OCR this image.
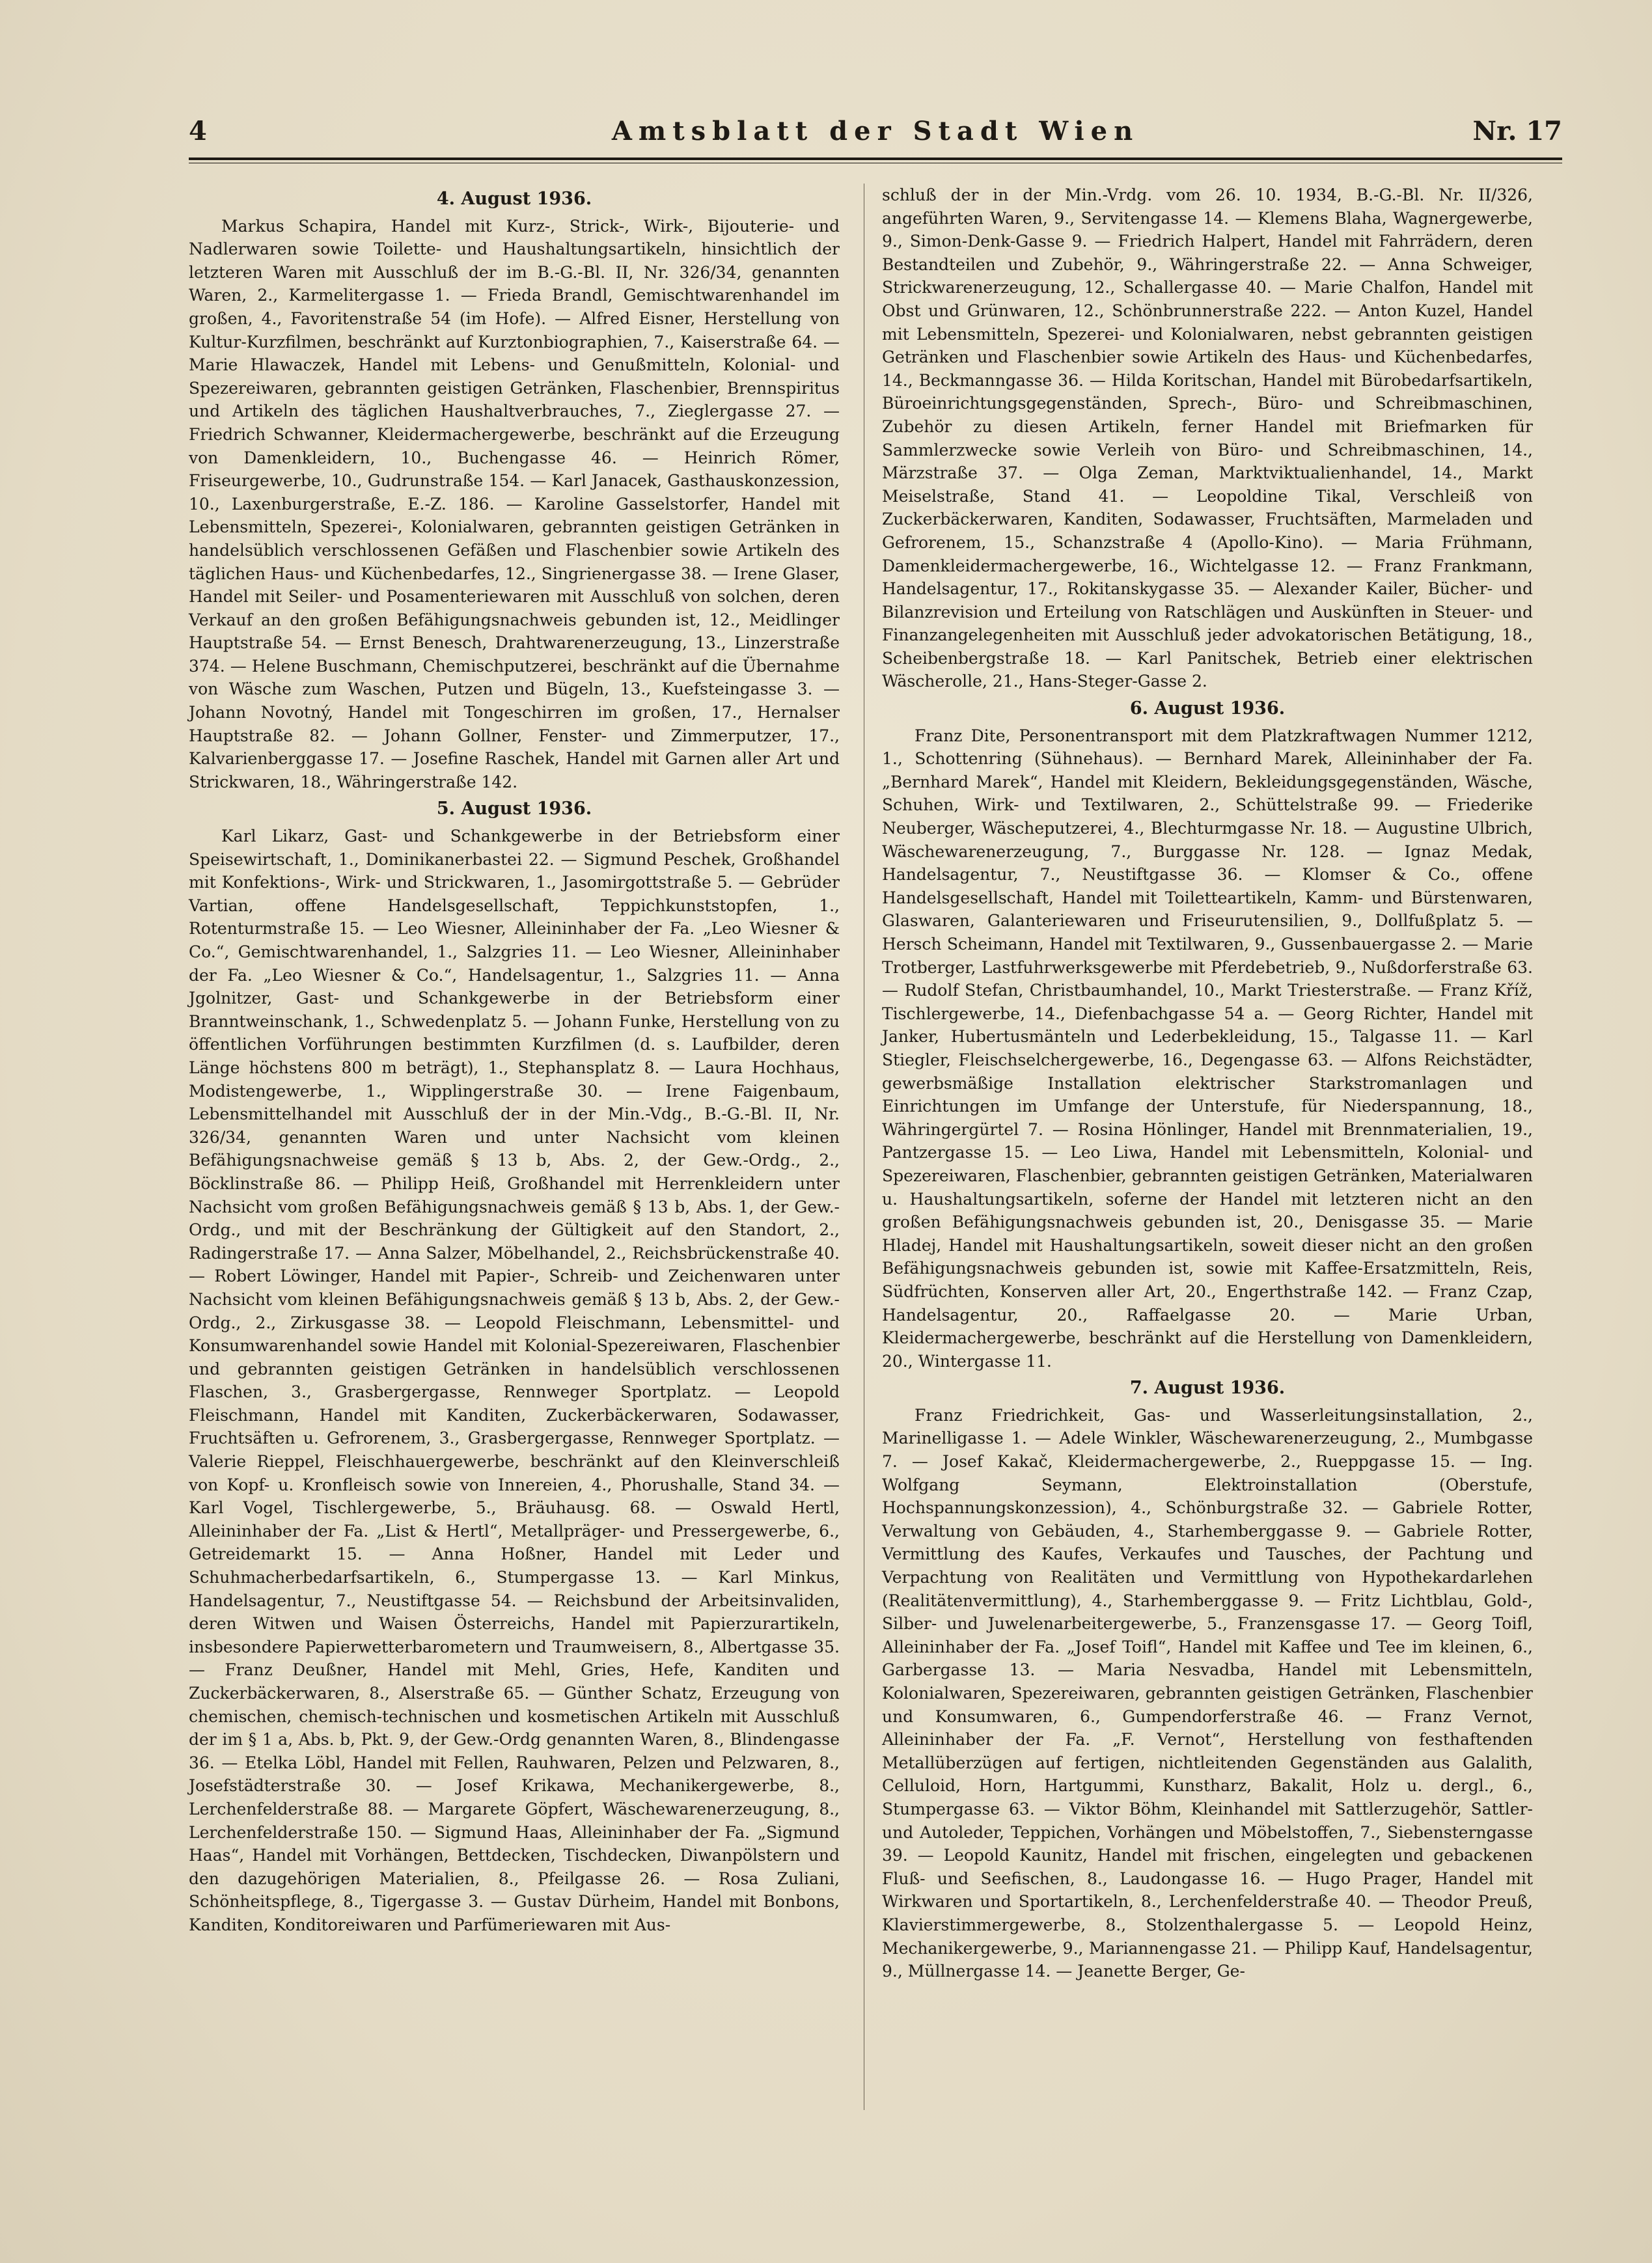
4	Amtsblatt der Stadt Wien	Nr. 17
4. August 1936.

Markus Schapira, Handel mit Kurz-, Strick-, Wirk-, Bijouterie- und Nadlerwaren sowie Toilette- und Haushaltungsartikeln, hinsichtlich der letzteren Waren mit Ausschluß der im B.-G.-Bl. II, Nr. 326/34, genannten Waren, 2., Karmelitergasse 1. — Frieda Brandl, Gemischtwarenhandel im großen, 4., Favoritenstraße 54 (im Hofe). — Alfred Eisner, Herstellung von Kultur-Kurzfilmen, beschränkt auf Kurztonbiographien, 7., Kaiserstraße 64. — Marie Hlawaczek, Handel mit Lebens- und Genußmitteln, Kolonial- und Spezereiwaren, gebrannten geistigen Getränken, Flaschenbier, Brennspiritus und Artikeln des täglichen Haushaltverbrauches, 7., Zieglergasse 27. — Friedrich Schwanner, Kleidermachergewerbe, beschränkt auf die Erzeugung von Damenkleidern, 10., Buchengasse 46. — Heinrich Römer, Friseurgewerbe, 10., Gudrunstraße 154. — Karl Janacek, Gasthauskonzession, 10., Laxenburgerstraße, E.-Z. 186. — Karoline Gasselstorfer, Handel mit Lebensmitteln, Spezerei-, Kolonialwaren, gebrannten geistigen Getränken in handelsüblich verschlossenen Gefäßen und Flaschenbier sowie Artikeln des täglichen Haus- und Küchenbedarfes, 12., Singrienergasse 38. — Irene Glaser, Handel mit Seiler- und Posamenteriewaren mit Ausschluß von solchen, deren Verkauf an den großen Befähigungsnachweis gebunden ist, 12., Meidlinger Hauptstraße 54. — Ernst Benesch, Drahtwarenerzeugung, 13., Linzerstraße 374. — Helene Buschmann, Chemischputzerei, beschränkt auf die Übernahme von Wäsche zum Waschen, Putzen und Bügeln, 13., Kuefsteingasse 3. — Johann Novotný, Handel mit Tongeschirren im großen, 17., Hernalser Hauptstraße 82. — Johann Gollner, Fenster- und Zimmerputzer, 17., Kalvarienberggasse 17. — Josefine Raschek, Handel mit Garnen aller Art und Strickwaren, 18., Währingerstraße 142.

5. August 1936.

Karl Likarz, Gast- und Schankgewerbe in der Betriebsform einer Speisewirtschaft, 1., Dominikanerbastei 22. — Sigmund Peschek, Großhandel mit Konfektions-, Wirk- und Strickwaren, 1., Jasomirgottstraße 5. — Gebrüder Vartian, offene Handelsgesellschaft, Teppichkunststopfen, 1., Rotenturmstraße 15. — Leo Wiesner, Alleininhaber der Fa. „Leo Wiesner & Co.“, Gemischtwarenhandel, 1., Salzgries 11. — Leo Wiesner, Alleininhaber der Fa. „Leo Wiesner & Co.“, Handelsagentur, 1., Salzgries 11. — Anna Jgolnitzer, Gast- und Schankgewerbe in der Betriebsform einer Branntweinschank, 1., Schwedenplatz 5. — Johann Funke, Herstellung von zu öffentlichen Vorführungen bestimmten Kurzfilmen (d. s. Laufbilder, deren Länge höchstens 800 m beträgt), 1., Stephansplatz 8. — Laura Hochhaus, Modistengewerbe, 1., Wipplingerstraße 30. — Irene Faigenbaum, Lebensmittelhandel mit Ausschluß der in der Min.-Vdg., B.-G.-Bl. II, Nr. 326/34, genannten Waren und unter Nachsicht vom kleinen Befähigungsnachweise gemäß § 13 b, Abs. 2, der Gew.-Ordg., 2., Böcklinstraße 86. — Philipp Heiß, Großhandel mit Herrenkleidern unter Nachsicht vom großen Befähigungsnachweis gemäß § 13 b, Abs. 1, der Gew.-Ordg., und mit der Beschränkung der Gültigkeit auf den Standort, 2., Radingerstraße 17. — Anna Salzer, Möbelhandel, 2., Reichsbrückenstraße 40. — Robert Löwinger, Handel mit Papier-, Schreib- und Zeichenwaren unter Nachsicht vom kleinen Befähigungsnachweis gemäß § 13 b, Abs. 2, der Gew.-Ordg., 2., Zirkusgasse 38. — Leopold Fleischmann, Lebensmittel- und Konsumwarenhandel sowie Handel mit Kolonial-Spezereiwaren, Flaschenbier und gebrannten geistigen Getränken in handelsüblich verschlossenen Flaschen, 3., Grasbergergasse, Rennweger Sportplatz. — Leopold Fleischmann, Handel mit Kanditen, Zuckerbäckerwaren, Sodawasser, Fruchtsäften u. Gefrorenem, 3., Grasbergergasse, Rennweger Sportplatz. — Valerie Rieppel, Fleischhauergewerbe, beschränkt auf den Kleinverschleiß von Kopf- u. Kronfleisch sowie von Innereien, 4., Phorushalle, Stand 34. — Karl Vogel, Tischlergewerbe, 5., Bräuhausg. 68. — Oswald Hertl, Alleininhaber der Fa. „List & Hertl“, Metallpräger- und Pressergewerbe, 6., Getreidemarkt 15. — Anna Hoßner, Handel mit Leder und Schuhmacherbedarfsartikeln, 6., Stumpergasse 13. — Karl Minkus, Handelsagentur, 7., Neustiftgasse 54. — Reichsbund der Arbeitsinvaliden, deren Witwen und Waisen Österreichs, Handel mit Papierzurartikeln, insbesondere Papierwetterbarometern und Traumweisern, 8., Albertgasse 35. — Franz Deußner, Handel mit Mehl, Gries, Hefe, Kanditen und Zuckerbäckerwaren, 8., Alserstraße 65. — Günther Schatz, Erzeugung von chemischen, chemisch-technischen und kosmetischen Artikeln mit Ausschluß der im § 1 a, Abs. b, Pkt. 9, der Gew.-Ordg genannten Waren, 8., Blindengasse 36. — Etelka Löbl, Handel mit Fellen, Rauhwaren, Pelzen und Pelzwaren, 8., Josefstädterstraße 30. — Josef Krikawa, Mechanikergewerbe, 8., Lerchenfelderstraße 88. — Margarete Göpfert, Wäschewarenerzeugung, 8., Lerchenfelderstraße 150. — Sigmund Haas, Alleininhaber der Fa. „Sigmund Haas“, Handel mit Vorhängen, Bettdecken, Tischdecken, Diwanpölstern und den dazugehörigen Materialien, 8., Pfeilgasse 26. — Rosa Zuliani, Schönheitspflege, 8., Tigergasse 3. — Gustav Dürheim, Handel mit Bonbons, Kanditen, Konditoreiwaren und Parfümeriewaren mit Aus-

schluß der in der Min.-Vrdg. vom 26. 10. 1934, B.-G.-Bl. Nr. II/326, angeführten Waren, 9., Servitengasse 14. — Klemens Blaha, Wagnergewerbe, 9., Simon-Denk-Gasse 9. — Friedrich Halpert, Handel mit Fahrrädern, deren Bestandteilen und Zubehör, 9., Währingerstraße 22. — Anna Schweiger, Strickwarenerzeugung, 12., Schallergasse 40. — Marie Chalfon, Handel mit Obst und Grünwaren, 12., Schönbrunnerstraße 222. — Anton Kuzel, Handel mit Lebensmitteln, Spezerei- und Kolonialwaren, nebst gebrannten geistigen Getränken und Flaschenbier sowie Artikeln des Haus- und Küchenbedarfes, 14., Beckmanngasse 36. — Hilda Koritschan, Handel mit Bürobedarfsartikeln, Büroeinrichtungsgegenständen, Sprech-, Büro- und Schreibmaschinen, Zubehör zu diesen Artikeln, ferner Handel mit Briefmarken für Sammlerzwecke sowie Verleih von Büro- und Schreibmaschinen, 14., Märzstraße 37. — Olga Zeman, Marktviktualienhandel, 14., Markt Meiselstraße, Stand 41. — Leopoldine Tikal, Verschleiß von Zuckerbäckerwaren, Kanditen, Sodawasser, Fruchtsäften, Marmeladen und Gefrorenem, 15., Schanzstraße 4 (Apollo-Kino). — Maria Frühmann, Damenkleidermachergewerbe, 16., Wichtelgasse 12. — Franz Frankmann, Handelsagentur, 17., Rokitanskygasse 35. — Alexander Kailer, Bücher- und Bilanzrevision und Erteilung von Ratschlägen und Auskünften in Steuer- und Finanzangelegenheiten mit Ausschluß jeder advokatorischen Betätigung, 18., Scheibenbergstraße 18. — Karl Panitschek, Betrieb einer elektrischen Wäscherolle, 21., Hans-Steger-Gasse 2.

6. August 1936.

Franz Dite, Personentransport mit dem Platzkraftwagen Nummer 1212, 1., Schottenring (Sühnehaus). — Bernhard Marek, Alleininhaber der Fa. „Bernhard Marek“, Handel mit Kleidern, Bekleidungsgegenständen, Wäsche, Schuhen, Wirk- und Textilwaren, 2., Schüttelstraße 99. — Friederike Neuberger, Wäscheputzerei, 4., Blechturmgasse Nr. 18. — Augustine Ulbrich, Wäschewarenerzeugung, 7., Burggasse Nr. 128. — Ignaz Medak, Handelsagentur, 7., Neustiftgasse 36. — Klomser & Co., offene Handelsgesellschaft, Handel mit Toiletteartikeln, Kamm- und Bürstenwaren, Glaswaren, Galanteriewaren und Friseurutensilien, 9., Dollfußplatz 5. — Hersch Scheimann, Handel mit Textilwaren, 9., Gussenbauergasse 2. — Marie Trotberger, Lastfuhrwerksgewerbe mit Pferdebetrieb, 9., Nußdorferstraße 63. — Rudolf Stefan, Christbaumhandel, 10., Markt Triesterstraße. — Franz Kříž, Tischlergewerbe, 14., Diefenbachgasse 54 a. — Georg Richter, Handel mit Janker, Hubertusmänteln und Lederbekleidung, 15., Talgasse 11. — Karl Stiegler, Fleischselchergewerbe, 16., Degengasse 63. — Alfons Reichstädter, gewerbsmäßige Installation elektrischer Starkstromanlagen und Einrichtungen im Umfange der Unterstufe, für Niederspannung, 18., Währingergürtel 7. — Rosina Hönlinger, Handel mit Brennmaterialien, 19., Pantzergasse 15. — Leo Liwa, Handel mit Lebensmitteln, Kolonial- und Spezereiwaren, Flaschenbier, gebrannten geistigen Getränken, Materialwaren u. Haushaltungsartikeln, soferne der Handel mit letzteren nicht an den großen Befähigungsnachweis gebunden ist, 20., Denisgasse 35. — Marie Hladej, Handel mit Haushaltungsartikeln, soweit dieser nicht an den großen Befähigungsnachweis gebunden ist, sowie mit Kaffee-Ersatzmitteln, Reis, Südfrüchten, Konserven aller Art, 20., Engerthstraße 142. — Franz Czap, Handelsagentur, 20., Raffaelgasse 20. — Marie Urban, Kleidermachergewerbe, beschränkt auf die Herstellung von Damenkleidern, 20., Wintergasse 11.

7. August 1936.

Franz Friedrichkeit, Gas- und Wasserleitungsinstallation, 2., Marinelligasse 1. — Adele Winkler, Wäschewarenerzeugung, 2., Mumbgasse 7. — Josef Kakač, Kleidermachergewerbe, 2., Rueppgasse 15. — Ing. Wolfgang Seymann, Elektroinstallation (Oberstufe, Hochspannungskonzession), 4., Schönburgstraße 32. — Gabriele Rotter, Verwaltung von Gebäuden, 4., Starhemberggasse 9. — Gabriele Rotter, Vermittlung des Kaufes, Verkaufes und Tausches, der Pachtung und Verpachtung von Realitäten und Vermittlung von Hypothekardarlehen (Realitätenvermittlung), 4., Starhemberggasse 9. — Fritz Lichtblau, Gold-, Silber- und Juwelenarbeitergewerbe, 5., Franzensgasse 17. — Georg Toifl, Alleininhaber der Fa. „Josef Toifl“, Handel mit Kaffee und Tee im kleinen, 6., Garbergasse 13. — Maria Nesvadba, Handel mit Lebensmitteln, Kolonialwaren, Spezereiwaren, gebrannten geistigen Getränken, Flaschenbier und Konsumwaren, 6., Gumpendorferstraße 46. — Franz Vernot, Alleininhaber der Fa. „F. Vernot“, Herstellung von festhaftenden Metallüberzügen auf fertigen, nichtleitenden Gegenständen aus Galalith, Celluloid, Horn, Hartgummi, Kunstharz, Bakalit, Holz u. dergl., 6., Stumpergasse 63. — Viktor Böhm, Kleinhandel mit Sattlerzugehör, Sattler- und Autoleder, Teppichen, Vorhängen und Möbelstoffen, 7., Siebensterngasse 39. — Leopold Kaunitz, Handel mit frischen, eingelegten und gebackenen Fluß- und Seefischen, 8., Laudongasse 16. — Hugo Prager, Handel mit Wirkwaren und Sportartikeln, 8., Lerchenfelderstraße 40. — Theodor Preuß, Klavierstimmergewerbe, 8., Stolzenthalergasse 5. — Leopold Heinz, Mechanikergewerbe, 9., Mariannengasse 21. — Philipp Kauf, Handelsagentur, 9., Müllnergasse 14. — Jeanette Berger, Ge-
